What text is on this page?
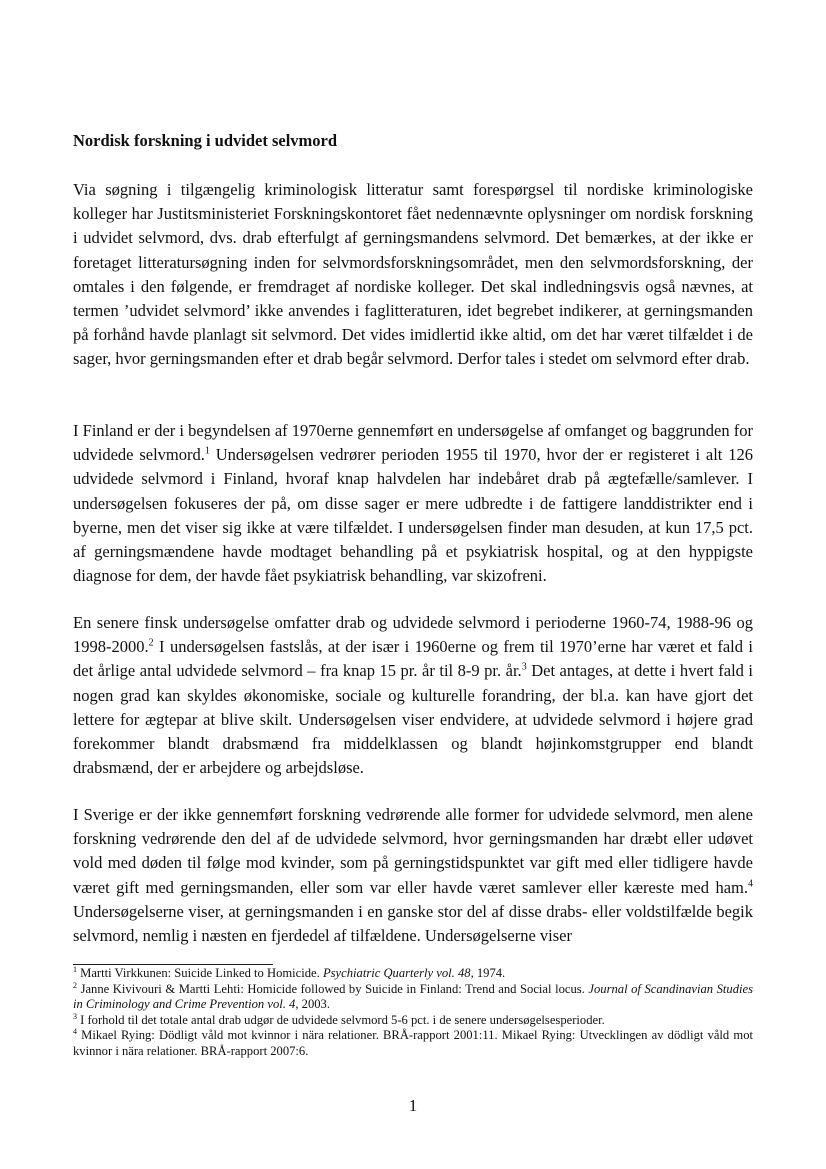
Nordisk forskning i udvidet selvmord
Via søgning i tilgængelig kriminologisk litteratur samt forespørgsel til nordiske kriminologiske kolleger har Justitsministeriet Forskningskontoret fået nedennævnte oplysninger om nordisk forskning i udvidet selvmord, dvs. drab efterfulgt af gerningsmandens selvmord. Det bemærkes, at der ikke er foretaget litteratursøgning inden for selvmordsforskningsområdet, men den selvmordsforskning, der omtales i den følgende, er fremdraget af nordiske kolleger. Det skal indledningsvis også nævnes, at termen ’udvidet selvmord’ ikke anvendes i faglitteraturen, idet begrebet indikerer, at gerningsmanden på forhånd havde planlagt sit selvmord. Det vides imidlertid ikke altid, om det har været tilfældet i de sager, hvor gerningsmanden efter et drab begår selvmord. Derfor tales i stedet om selvmord efter drab.
I Finland er der i begyndelsen af 1970erne gennemført en undersøgelse af omfanget og baggrunden for udvidede selvmord.$^1$ Undersøgelsen vedrører perioden 1955 til 1970, hvor der er registeret i alt 126 udvidede selvmord i Finland, hvoraf knap halvdelen har indebåret drab på ægtefælle/samlever. I undersøgelsen fokuseres der på, om disse sager er mere udbredte i de fattigere landdistrikter end i byerne, men det viser sig ikke at være tilfældet. I undersøgelsen finder man desuden, at kun 17,5 pct. af gerningsmændene havde modtaget behandling på et psykiatrisk hospital, og at den hyppigste diagnose for dem, der havde fået psykiatrisk behandling, var skizofreni.
En senere finsk undersøgelse omfatter drab og udvidede selvmord i perioderne 1960-74, 1988-96 og 1998-2000.$^2$ I undersøgelsen fastslås, at der især i 1960erne og frem til 1970’erne har været et fald i det årlige antal udvidede selvmord – fra knap 15 pr. år til 8-9 pr. år.$^3$ Det antages, at dette i hvert fald i nogen grad kan skyldes økonomiske, sociale og kulturelle forandring, der bl.a. kan have gjort det lettere for ægtepar at blive skilt. Undersøgelsen viser endvidere, at udvidede selvmord i højere grad forekommer blandt drabsmænd fra middelklassen og blandt højinkomstgrupper end blandt drabsmænd, der er arbejdere og arbejdsløse.
I Sverige er der ikke gennemført forskning vedrørende alle former for udvidede selvmord, men alene forskning vedrørende den del af de udvidede selvmord, hvor gerningsmanden har dræbt eller udøvet vold med døden til følge mod kvinder, som på gerningstidspunktet var gift med eller tidligere havde været gift med gerningsmanden, eller som var eller havde været samlever eller kæreste med ham.$^4$ Undersøgelserne viser, at gerningsmanden i en ganske stor del af disse drabs- eller voldstilfælde begik selvmord, nemlig i næsten en fjerdedel af tilfældene. Undersøgelserne viser

$^1$ Martti Virkkunen: Suicide Linked to Homicide. Psychiatric Quarterly vol. 48, 1974.

$^2$ Janne Kivivouri & Martti Lehti: Homicide followed by Suicide in Finland: Trend and Social locus. Journal of Scandinavian Studies in Criminology and Crime Prevention vol. 4, 2003.

$^3$ I forhold til det totale antal drab udgør de udvidede selvmord 5-6 pct. i de senere undersøgelsesperioder.

$^4$ Mikael Rying: Dödligt våld mot kvinnor i nära relationer. BRÅ-rapport 2001:11. Mikael Rying: Utvecklingen av dödligt våld mot kvinnor i nära relationer. BRÅ-rapport 2007:6.

1
